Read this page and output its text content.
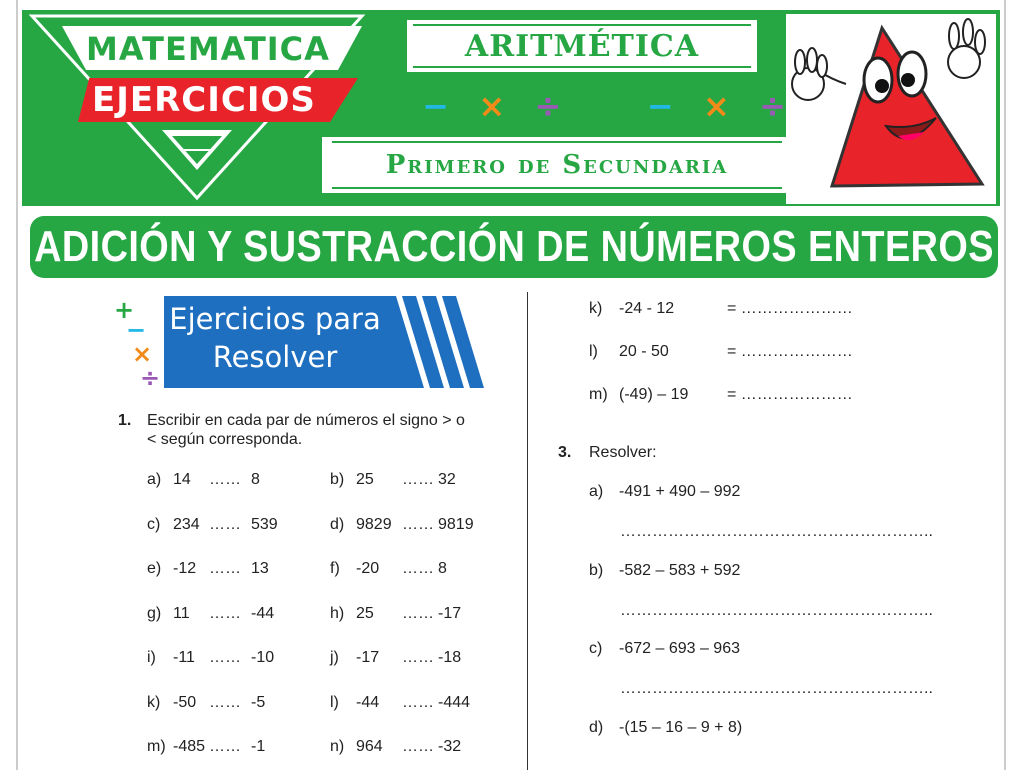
MATEMATICA
EJERCICIOS
ARITMÉTICA
+ − × ÷ + − × ÷
Primero de Secundaria
ADICIÓN Y SUSTRACCIÓN DE NÚMEROS ENTEROS
Ejercicios para
Resolver
+
−
×
÷
1. Escribir en cada par de números el signo > o
< según corresponda.
a) 14 …… 8	b) 25 …… 32
c) 234 …… 539	d) 9829 …… 9819
e) -12 …… 13	f) -20 …… 8
g) 11 …… -44	h) 25 …… -17
i) -11 …… -10	j) -17 …… -18
k) -50 …… -5	l) -44 …… -444
m) -485 …… -1	n) 964 …… -32
k) -24 - 12	= …………………
l) 20 - 50	= …………………
m) (-49) – 19 = …………………
3. Resolver:
a) -491 + 490 – 992
…………………………………………………..
b) -582 – 583 + 592
…………………………………………………..
c) -672 – 693 – 963
…………………………………………………..
d) -(15 – 16 – 9 + 8)
